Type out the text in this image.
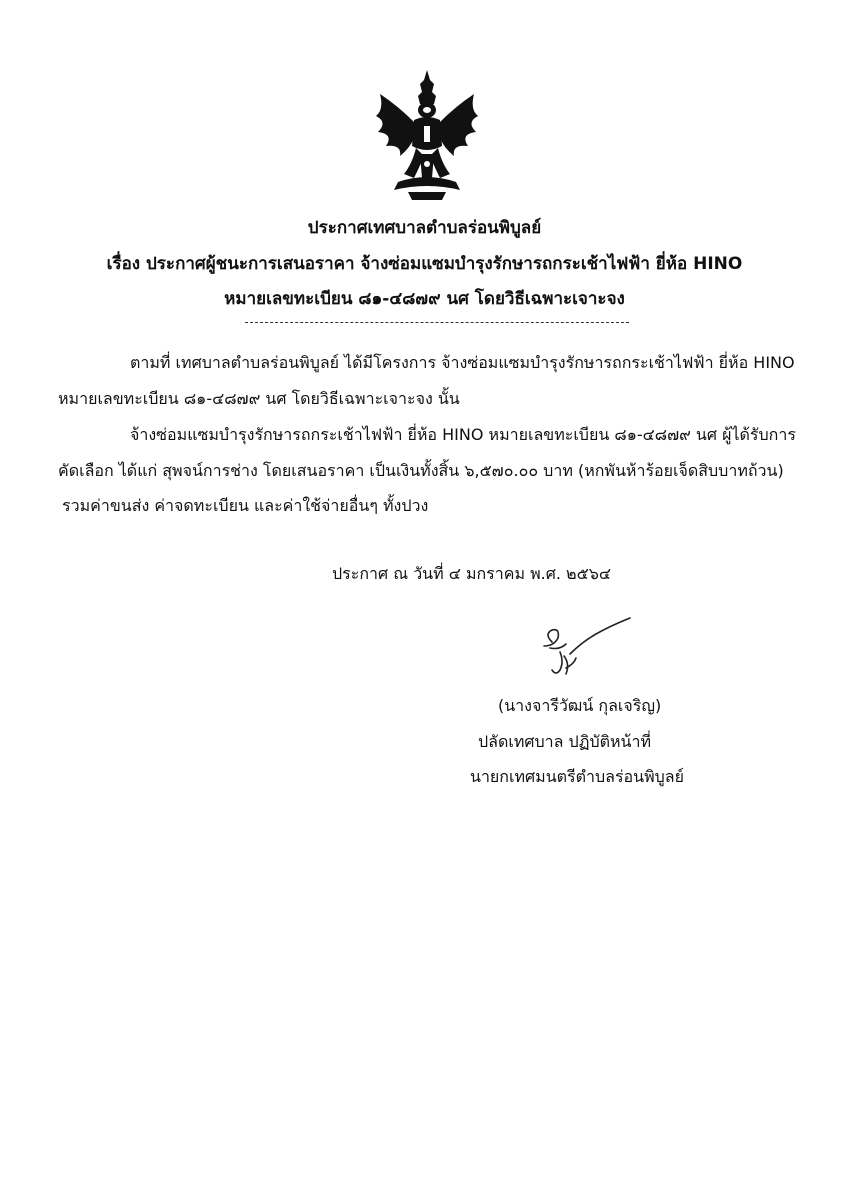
ประกาศเทศบาลตำบลร่อนพิบูลย์
เรื่อง ประกาศผู้ชนะการเสนอราคา จ้างซ่อมแซมบำรุงรักษารถกระเช้าไฟฟ้า ยี่ห้อ HINO
หมายเลขทะเบียน ๘๑-๔๘๗๙ นศ โดยวิธีเฉพาะเจาะจง
ตามที่ เทศบาลตำบลร่อนพิบูลย์ ได้มีโครงการ จ้างซ่อมแซมบำรุงรักษารถกระเช้าไฟฟ้า ยี่ห้อ HINO
หมายเลขทะเบียน ๘๑-๔๘๗๙ นศ โดยวิธีเฉพาะเจาะจง นั้น
จ้างซ่อมแซมบำรุงรักษารถกระเช้าไฟฟ้า ยี่ห้อ HINO หมายเลขทะเบียน ๘๑-๔๘๗๙ นศ ผู้ได้รับการ
คัดเลือก ได้แก่ สุพจน์การช่าง โดยเสนอราคา เป็นเงินทั้งสิ้น ๖,๕๗๐.๐๐ บาท (หกพันห้าร้อยเจ็ดสิบบาทถ้วน)
รวมค่าขนส่ง ค่าจดทะเบียน และค่าใช้จ่ายอื่นๆ ทั้งปวง
ประกาศ ณ วันที่ ๔ มกราคม พ.ศ. ๒๕๖๔
(นางจารีวัฒน์ กุลเจริญ)
ปลัดเทศบาล ปฏิบัติหน้าที่
นายกเทศมนตรีตำบลร่อนพิบูลย์
